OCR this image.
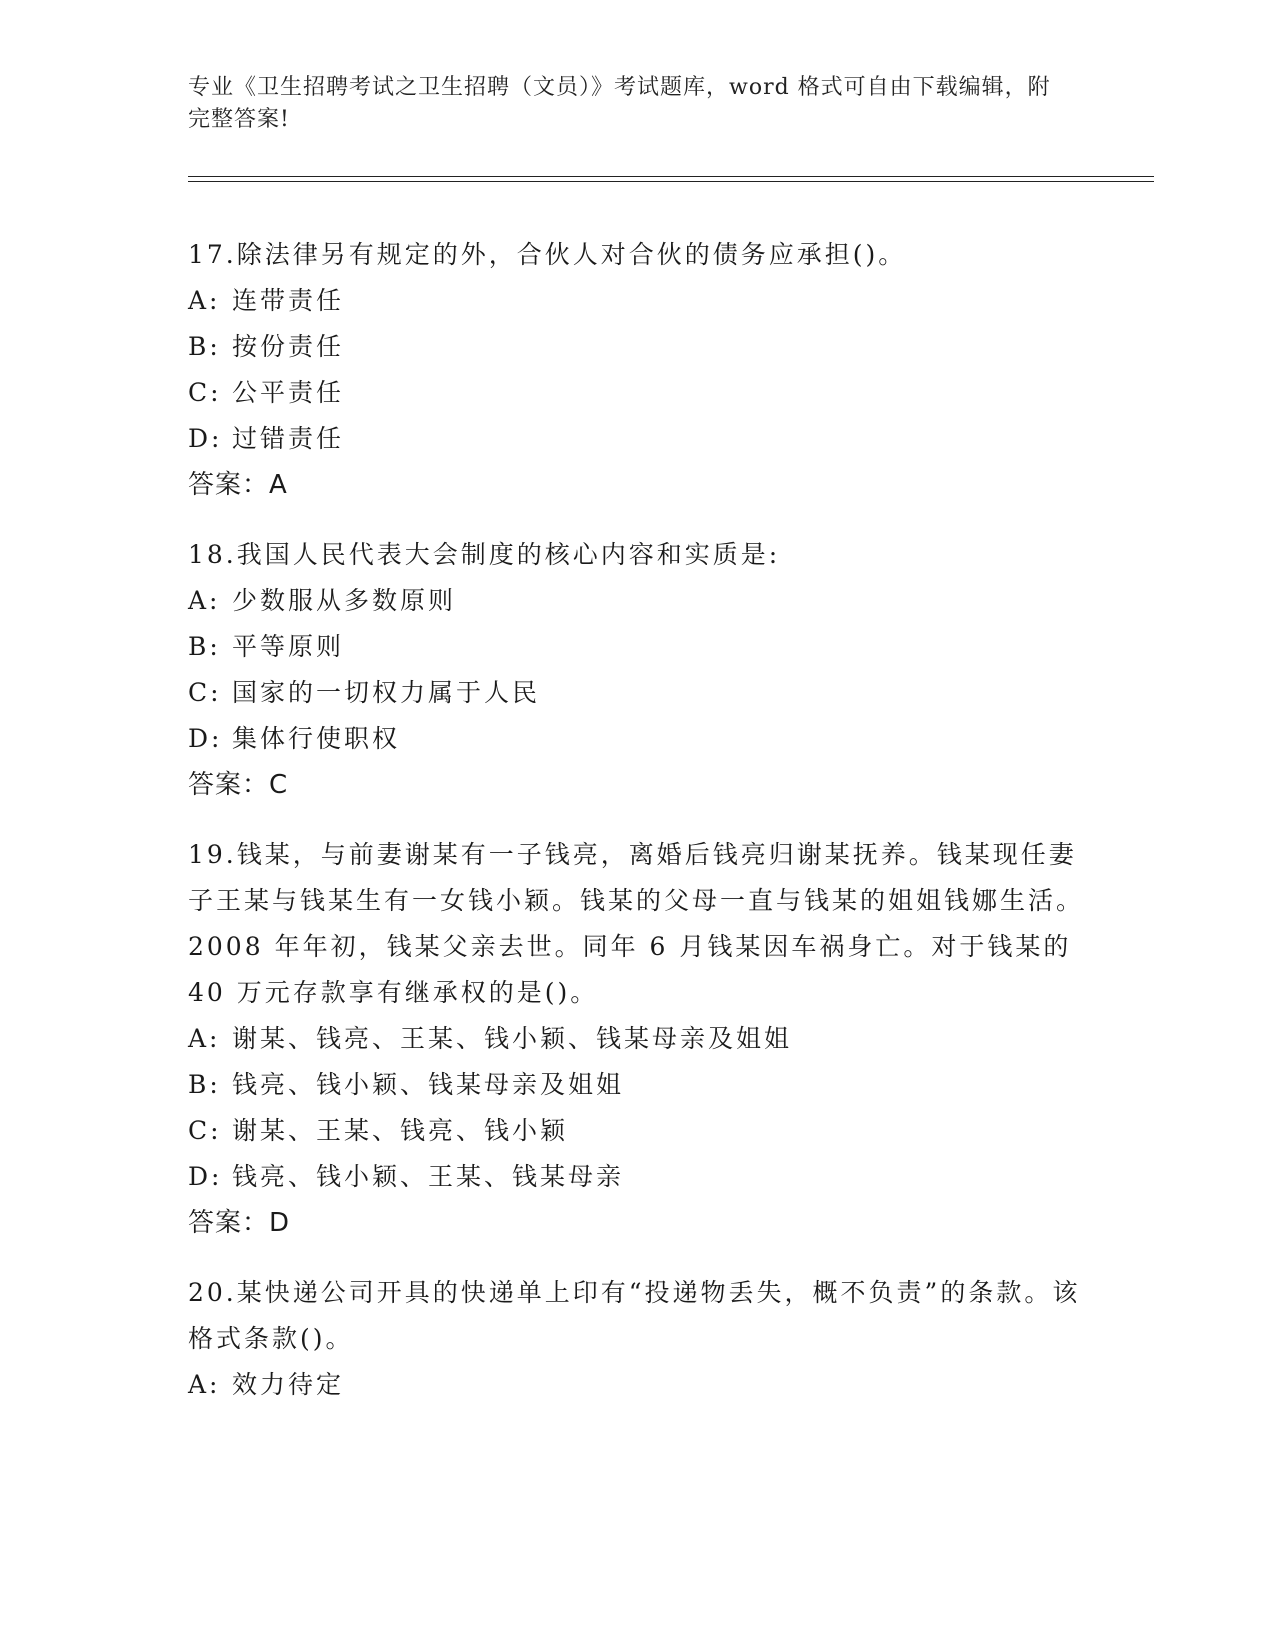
专业《卫生招聘考试之卫生招聘（文员）》考试题库，word 格式可自由下载编辑，附完整答案!

17.除法律另有规定的外，合伙人对合伙的债务应承担()。

A: 连带责任

B: 按份责任

C: 公平责任

D: 过错责任

答案：A

18.我国人民代表大会制度的核心内容和实质是:

A: 少数服从多数原则

B: 平等原则

C: 国家的一切权力属于人民

D: 集体行使职权

答案：C

19.钱某，与前妻谢某有一子钱亮，离婚后钱亮归谢某抚养。钱某现任妻子王某与钱某生有一女钱小颖。钱某的父母一直与钱某的姐姐钱娜生活。2008 年年初，钱某父亲去世。同年 6 月钱某因车祸身亡。对于钱某的 40 万元存款享有继承权的是()。

A: 谢某、钱亮、王某、钱小颖、钱某母亲及姐姐

B: 钱亮、钱小颖、钱某母亲及姐姐

C: 谢某、王某、钱亮、钱小颖

D: 钱亮、钱小颖、王某、钱某母亲

答案：D

20.某快递公司开具的快递单上印有“投递物丢失，概不负责”的条款。该格式条款()。

A: 效力待定
